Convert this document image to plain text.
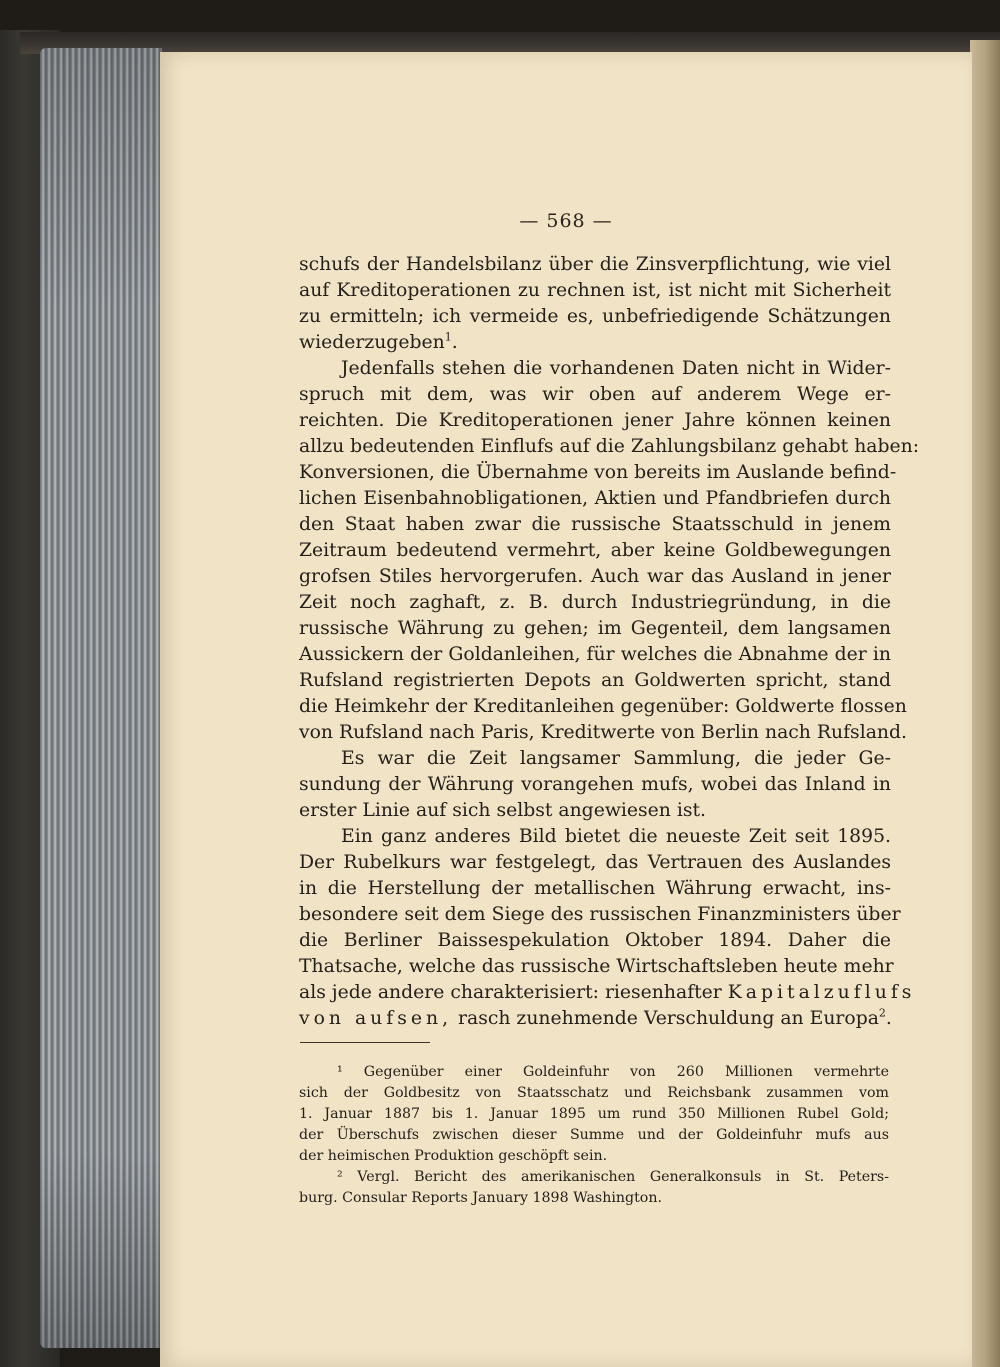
— 568 —
schufs der Handelsbilanz über die Zinsverpflichtung, wie viel
auf Kreditoperationen zu rechnen ist, ist nicht mit Sicherheit
zu ermitteln; ich vermeide es, unbefriedigende Schätzungen
wiederzugeben$^1$.
Jedenfalls stehen die vorhandenen Daten nicht in Wider-
spruch mit dem, was wir oben auf anderem Wege er-
reichten. Die Kreditoperationen jener Jahre können keinen
allzu bedeutenden Einflufs auf die Zahlungsbilanz gehabt haben:
Konversionen, die Übernahme von bereits im Auslande befind-
lichen Eisenbahnobligationen, Aktien und Pfandbriefen durch
den Staat haben zwar die russische Staatsschuld in jenem
Zeitraum bedeutend vermehrt, aber keine Goldbewegungen
grofsen Stiles hervorgerufen. Auch war das Ausland in jener
Zeit noch zaghaft, z. B. durch Industriegründung, in die
russische Währung zu gehen; im Gegenteil, dem langsamen
Aussickern der Goldanleihen, für welches die Abnahme der in
Rufsland registrierten Depots an Goldwerten spricht, stand
die Heimkehr der Kreditanleihen gegenüber: Goldwerte flossen
von Rufsland nach Paris, Kreditwerte von Berlin nach Rufsland.
Es war die Zeit langsamer Sammlung, die jeder Ge-
sundung der Währung vorangehen mufs, wobei das Inland in
erster Linie auf sich selbst angewiesen ist.
Ein ganz anderes Bild bietet die neueste Zeit seit 1895.
Der Rubelkurs war festgelegt, das Vertrauen des Auslandes
in die Herstellung der metallischen Währung erwacht, ins-
besondere seit dem Siege des russischen Finanzministers über
die Berliner Baissespekulation Oktober 1894. Daher die
Thatsache, welche das russische Wirtschaftsleben heute mehr
als jede andere charakterisiert: riesenhafter Kapitalzuflufs
von aufsen, rasch zunehmende Verschuldung an Europa$^2$.
¹ Gegenüber einer Goldeinfuhr von 260 Millionen vermehrte
sich der Goldbesitz von Staatsschatz und Reichsbank zusammen vom
1. Januar 1887 bis 1. Januar 1895 um rund 350 Millionen Rubel Gold;
der Überschufs zwischen dieser Summe und der Goldeinfuhr mufs aus
der heimischen Produktion geschöpft sein.
² Vergl. Bericht des amerikanischen Generalkonsuls in St. Peters-
burg. Consular Reports January 1898 Washington.
